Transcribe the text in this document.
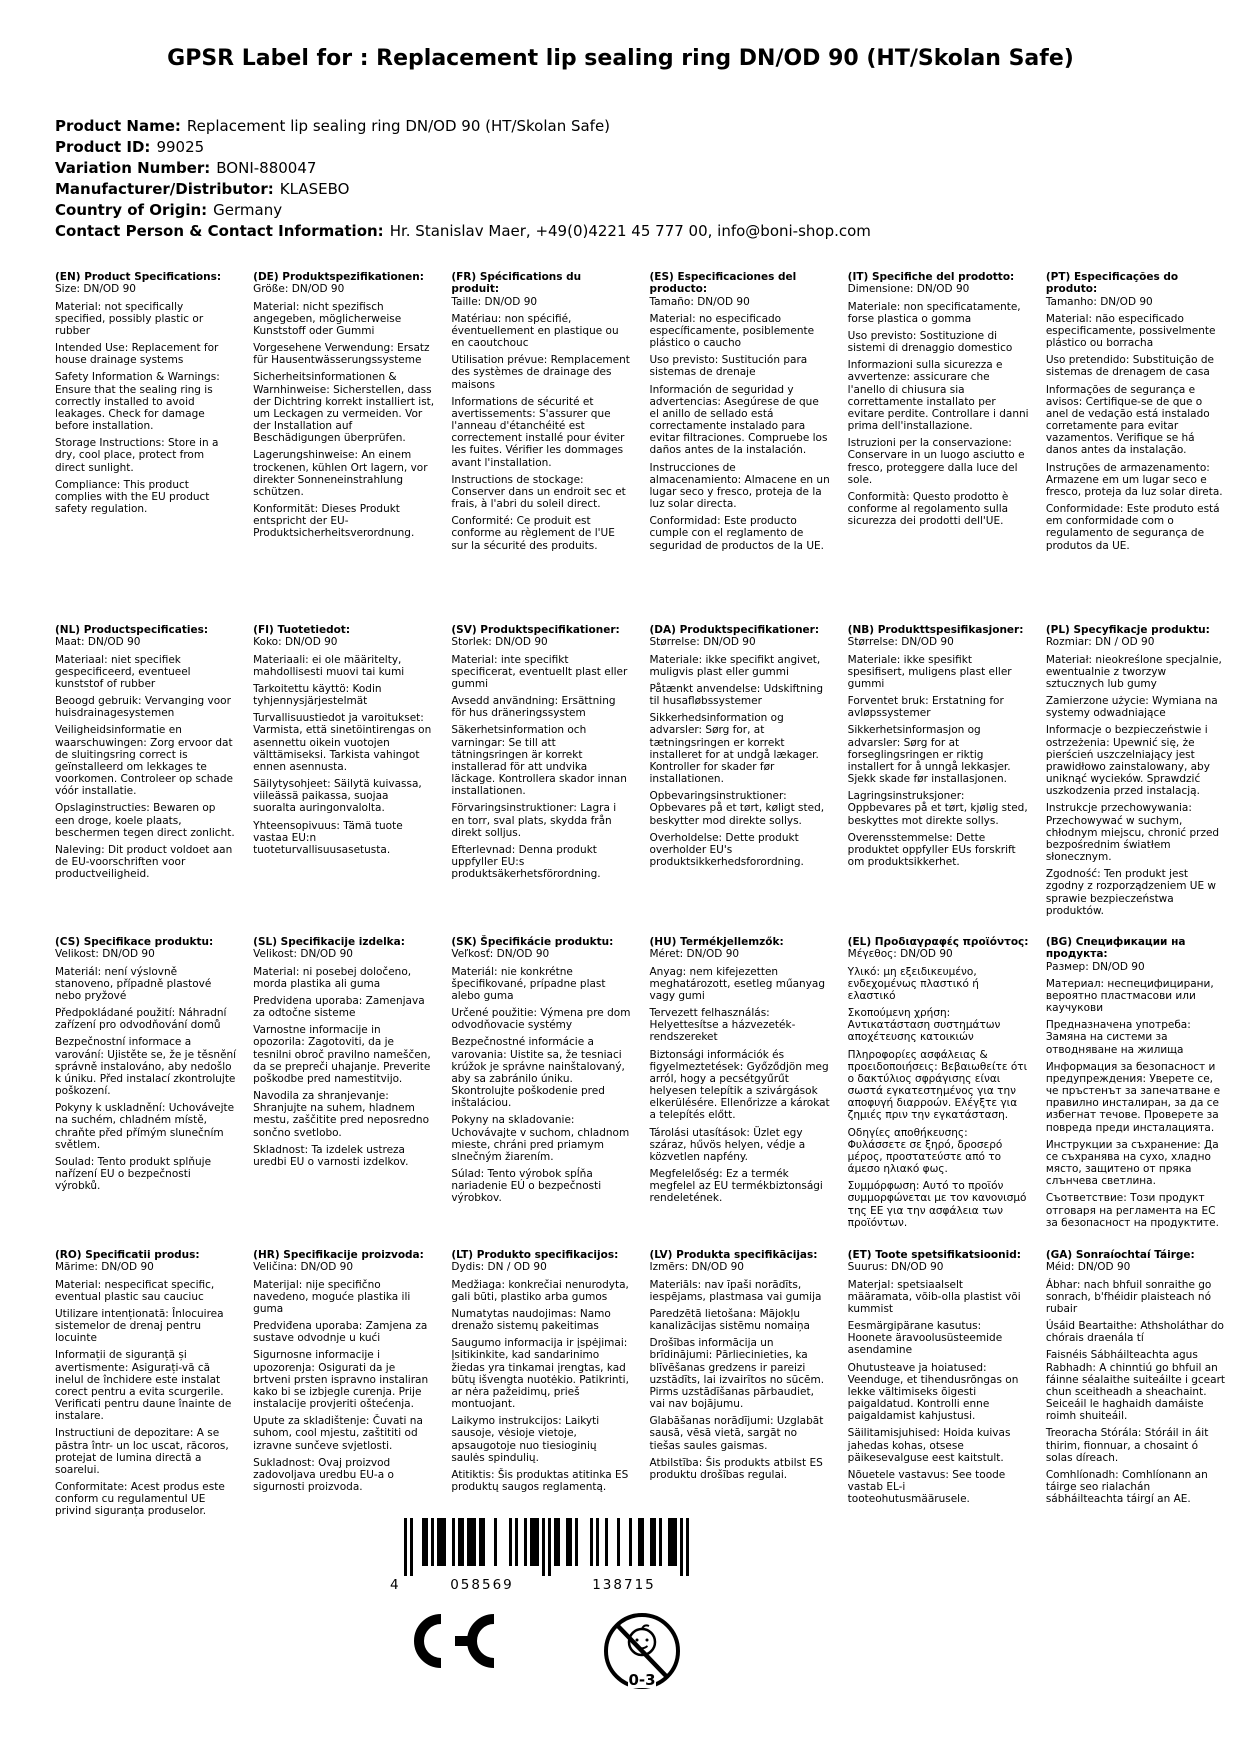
GPSR Label for : Replacement lip sealing ring DN/OD 90 (HT/Skolan Safe)
Product Name: Replacement lip sealing ring DN/OD 90 (HT/Skolan Safe)
Product ID: 99025
Variation Number: BONI-880047
Manufacturer/Distributor: KLASEBO
Country of Origin: Germany
Contact Person & Contact Information: Hr. Stanislav Maer, +49(0)4221 45 777 00, info@boni-shop.com
(EN) Product Specifications:

Size: DN/OD 90

Material: not specifically specified, possibly plastic or rubber

Intended Use: Replacement for house drainage systems

Safety Information & Warnings: Ensure that the sealing ring is correctly installed to avoid leakages. Check for damage before installation.

Storage Instructions: Store in a dry, cool place, protect from direct sunlight.

Compliance: This product complies with the EU product safety regulation.

(DE) Produktspezifikationen:

Größe: DN/OD 90

Material: nicht spezifisch angegeben, möglicherweise Kunststoff oder Gummi

Vorgesehene Verwendung: Ersatz für Hausentwässerungssysteme

Sicherheitsinformationen & Warnhinweise: Sicherstellen, dass der Dichtring korrekt installiert ist, um Leckagen zu vermeiden. Vor der Installation auf Beschädigungen überprüfen.

Lagerungshinweise: An einem trockenen, kühlen Ort lagern, vor direkter Sonneneinstrahlung schützen.

Konformität: Dieses Produkt entspricht der EU-Produktsicherheitsverordnung.

(FR) Spécifications du produit:

Taille: DN/OD 90

Matériau: non spécifié, éventuellement en plastique ou en caoutchouc

Utilisation prévue: Remplacement des systèmes de drainage des maisons

Informations de sécurité et avertissements: S'assurer que l'anneau d'étanchéité est correctement installé pour éviter les fuites. Vérifier les dommages avant l'installation.

Instructions de stockage: Conserver dans un endroit sec et frais, à l'abri du soleil direct.

Conformité: Ce produit est conforme au règlement de l'UE sur la sécurité des produits.

(ES) Especificaciones del producto:

Tamaño: DN/OD 90

Material: no especificado específicamente, posiblemente plástico o caucho

Uso previsto: Sustitución para sistemas de drenaje

Información de seguridad y advertencias: Asegúrese de que el anillo de sellado está correctamente instalado para evitar filtraciones. Compruebe los daños antes de la instalación.

Instrucciones de almacenamiento: Almacene en un lugar seco y fresco, proteja de la luz solar directa.

Conformidad: Este producto cumple con el reglamento de seguridad de productos de la UE.

(IT) Specifiche del prodotto:

Dimensione: DN/OD 90

Materiale: non specificatamente, forse plastica o gomma

Uso previsto: Sostituzione di sistemi di drenaggio domestico

Informazioni sulla sicurezza e avvertenze: assicurare che l'anello di chiusura sia correttamente installato per evitare perdite. Controllare i danni prima dell'installazione.

Istruzioni per la conservazione: Conservare in un luogo asciutto e fresco, proteggere dalla luce del sole.

Conformità: Questo prodotto è conforme al regolamento sulla sicurezza dei prodotti dell'UE.

(PT) Especificações do produto:

Tamanho: DN/OD 90

Material: não especificado especificamente, possivelmente plástico ou borracha

Uso pretendido: Substituição de sistemas de drenagem de casa

Informações de segurança e avisos: Certifique-se de que o anel de vedação está instalado corretamente para evitar vazamentos. Verifique se há danos antes da instalação.

Instruções de armazenamento: Armazene em um lugar seco e fresco, proteja da luz solar direta.

Conformidade: Este produto está em conformidade com o regulamento de segurança de produtos da UE.

(NL) Productspecificaties:

Maat: DN/OD 90

Materiaal: niet specifiek gespecificeerd, eventueel kunststof of rubber

Beoogd gebruik: Vervanging voor huisdrainagesystemen

Veiligheidsinformatie en waarschuwingen: Zorg ervoor dat de sluitingsring correct is geïnstalleerd om lekkages te voorkomen. Controleer op schade vóór installatie.

Opslaginstructies: Bewaren op een droge, koele plaats, beschermen tegen direct zonlicht.

Naleving: Dit product voldoet aan de EU-voorschriften voor productveiligheid.

(FI) Tuotetiedot:

Koko: DN/OD 90

Materiaali: ei ole määritelty, mahdollisesti muovi tai kumi

Tarkoitettu käyttö: Kodin tyhjennysjärjestelmät

Turvallisuustiedot ja varoitukset: Varmista, että sinetöintirengas on asennettu oikein vuotojen välttämiseksi. Tarkista vahingot ennen asennusta.

Säilytysohjeet: Säilytä kuivassa, viileässä paikassa, suojaa suoralta auringonvalolta.

Yhteensopivuus: Tämä tuote vastaa EU:n tuoteturvallisuusasetusta.

(SV) Produktspecifikationer:

Storlek: DN/OD 90

Material: inte specifikt specificerat, eventuellt plast eller gummi

Avsedd användning: Ersättning för hus dräneringssystem

Säkerhetsinformation och varningar: Se till att tätningsringen är korrekt installerad för att undvika läckage. Kontrollera skador innan installationen.

Förvaringsinstruktioner: Lagra i en torr, sval plats, skydda från direkt solljus.

Efterlevnad: Denna produkt uppfyller EU:s produktsäkerhetsförordning.

(DA) Produktspecifikationer:

Størrelse: DN/OD 90

Materiale: ikke specifikt angivet, muligvis plast eller gummi

Påtænkt anvendelse: Udskiftning til husafløbssystemer

Sikkerhedsinformation og advarsler: Sørg for, at tætningsringen er korrekt installeret for at undgå lækager. Kontroller for skader før installationen.

Opbevaringsinstruktioner: Opbevares på et tørt, køligt sted, beskytter mod direkte sollys.

Overholdelse: Dette produkt overholder EU's produktsikkerhedsforordning.

(NB) Produkttspesifikasjoner:

Størrelse: DN/OD 90

Materiale: ikke spesifikt spesifisert, muligens plast eller gummi

Forventet bruk: Erstatning for avløpssystemer

Sikkerhetsinformasjon og advarsler: Sørg for at forseglingsringen er riktig installert for å unngå lekkasjer. Sjekk skade før installasjonen.

Lagringsinstruksjoner: Oppbevares på et tørt, kjølig sted, beskyttes mot direkte sollys.

Overensstemmelse: Dette produktet oppfyller EUs forskrift om produktsikkerhet.

(PL) Specyfikacje produktu:

Rozmiar: DN / OD 90

Materiał: nieokreślone specjalnie, ewentualnie z tworzyw sztucznych lub gumy

Zamierzone użycie: Wymiana na systemy odwadniające

Informacje o bezpieczeństwie i ostrzeżenia: Upewnić się, że pierścień uszczelniający jest prawidłowo zainstalowany, aby uniknąć wycieków. Sprawdzić uszkodzenia przed instalacją.

Instrukcje przechowywania: Przechowywać w suchym, chłodnym miejscu, chronić przed bezpośrednim światłem słonecznym.

Zgodność: Ten produkt jest zgodny z rozporządzeniem UE w sprawie bezpieczeństwa produktów.

(CS) Specifikace produktu:

Velikost: DN/OD 90

Materiál: není výslovně stanoveno, případně plastové nebo pryžové

Předpokládané použití: Náhradní zařízení pro odvodňování domů

Bezpečnostní informace a varování: Ujistěte se, že je těsnění správně instalováno, aby nedošlo k úniku. Před instalací zkontrolujte poškození.

Pokyny k uskladnění: Uchovávejte na suchém, chladném místě, chraňte před přímým slunečním světlem.

Soulad: Tento produkt splňuje nařízení EU o bezpečnosti výrobků.

(SL) Specifikacije izdelka:

Velikost: DN/OD 90

Material: ni posebej določeno, morda plastika ali guma

Predvidena uporaba: Zamenjava za odtočne sisteme

Varnostne informacije in opozorila: Zagotoviti, da je tesnilni obroč pravilno nameščen, da se prepreči uhajanje. Preverite poškodbe pred namestitvijo.

Navodila za shranjevanje: Shranjujte na suhem, hladnem mestu, zaščitite pred neposredno sončno svetlobo.

Skladnost: Ta izdelek ustreza uredbi EU o varnosti izdelkov.

(SK) Špecifikácie produktu:

Veľkosť: DN/OD 90

Materiál: nie konkrétne špecifikované, prípadne plast alebo guma

Určené použitie: Výmena pre dom odvodňovacie systémy

Bezpečnostné informácie a varovania: Uistite sa, že tesniaci krúžok je správne nainštalovaný, aby sa zabránilo úniku. Skontrolujte poškodenie pred inštaláciou.

Pokyny na skladovanie: Uchovávajte v suchom, chladnom mieste, chráni pred priamym slnečným žiarením.

Súlad: Tento výrobok spĺňa nariadenie EÚ o bezpečnosti výrobkov.

(HU) Termékjellemzők:

Méret: DN/OD 90

Anyag: nem kifejezetten meghatározott, esetleg műanyag vagy gumi

Tervezett felhasználás: Helyettesítse a házvezeték-rendszereket

Biztonsági információk és figyelmeztetések: Győződjön meg arról, hogy a pecsétgyűrűt helyesen telepítik a szivárgások elkerülésére. Ellenőrizze a károkat a telepítés előtt.

Tárolási utasítások: Üzlet egy száraz, hűvös helyen, védje a közvetlen napfény.

Megfelelőség: Ez a termék megfelel az EU termékbiztonsági rendeletének.

(EL) Προδιαγραφές προϊόντος:

Μέγεθος: DN/OD 90

Υλικό: μη εξειδικευμένο, ενδεχομένως πλαστικό ή ελαστικό

Σκοπούμενη χρήση: Αντικατάσταση συστημάτων αποχέτευσης κατοικιών

Πληροφορίες ασφάλειας & προειδοποιήσεις: Βεβαιωθείτε ότι ο δακτύλιος σφράγισης είναι σωστά εγκατεστημένος για την αποφυγή διαρροών. Ελέγξτε για ζημιές πριν την εγκατάσταση.

Οδηγίες αποθήκευσης: Φυλάσσετε σε ξηρό, δροσερό μέρος, προστατεύστε από το άμεσο ηλιακό φως.

Συμμόρφωση: Αυτό το προϊόν συμμορφώνεται με τον κανονισμό της ΕΕ για την ασφάλεια των προϊόντων.

(BG) Спецификации на продукта:

Размер: DN/OD 90

Материал: неспецифицирани, вероятно пластмасови или каучукови

Предназначена употреба: Замяна на системи за отводняване на жилища

Информация за безопасност и предупреждения: Уверете се, че пръстенът за запечатване е правилно инсталиран, за да се избегнат течове. Проверете за повреда преди инсталацията.

Инструкции за съхранение: Да се съхранява на сухо, хладно място, защитено от пряка слънчева светлина.

Съответствие: Този продукт отговаря на регламента на ЕС за безопасност на продуктите.

(RO) Specificatii produs:

Mărime: DN/OD 90

Material: nespecificat specific, eventual plastic sau cauciuc

Utilizare intenționată: Înlocuirea sistemelor de drenaj pentru locuinte

Informații de siguranță și avertismente: Asigurați-vă că inelul de închidere este instalat corect pentru a evita scurgerile. Verificati pentru daune înainte de instalare.

Instructiuni de depozitare: A se păstra într- un loc uscat, răcoros, protejat de lumina directă a soarelui.

Conformitate: Acest produs este conform cu regulamentul UE privind siguranța produselor.

(HR) Specifikacije proizvoda:

Veličina: DN/OD 90

Materijal: nije specifično navedeno, moguće plastika ili guma

Predviđena uporaba: Zamjena za sustave odvodnje u kući

Sigurnosne informacije i upozorenja: Osigurati da je brtveni prsten ispravno instaliran kako bi se izbjegle curenja. Prije instalacije provjeriti oštećenja.

Upute za skladištenje: Čuvati na suhom, cool mjestu, zaštititi od izravne sunčeve svjetlosti.

Sukladnost: Ovaj proizvod zadovoljava uredbu EU-a o sigurnosti proizvoda.

(LT) Produkto specifikacijos:

Dydis: DN / OD 90

Medžiaga: konkrečiai nenurodyta, gali būti, plastiko arba gumos

Numatytas naudojimas: Namo drenažo sistemų pakeitimas

Saugumo informacija ir įspėjimai: Įsitikinkite, kad sandarinimo žiedas yra tinkamai įrengtas, kad būtų išvengta nuotėkio. Patikrinti, ar nėra pažeidimų, prieš montuojant.

Laikymo instrukcijos: Laikyti sausoje, vėsioje vietoje, apsaugotoje nuo tiesioginių saulės spindulių.

Atitiktis: Šis produktas atitinka ES produktų saugos reglamentą.

(LV) Produkta specifikācijas:

Izmērs: DN/OD 90

Materiāls: nav īpaši norādīts, iespējams, plastmasa vai gumija

Paredzētā lietošana: Mājokļu kanalizācijas sistēmu nomaiņa

Drošības informācija un brīdinājumi: Pārliecinieties, ka blīvēšanas gredzens ir pareizi uzstādīts, lai izvairītos no sūcēm. Pirms uzstādīšanas pārbaudiet, vai nav bojājumu.

Glabāšanas norādījumi: Uzglabāt sausā, vēsā vietā, sargāt no tiešas saules gaismas.

Atbilstība: Šis produkts atbilst ES produktu drošības regulai.

(ET) Toote spetsifikatsioonid:

Suurus: DN/OD 90

Materjal: spetsiaalselt määramata, võib-olla plastist või kummist

Eesmärgipärane kasutus: Hoonete äravoolusüsteemide asendamine

Ohutusteave ja hoiatused: Veenduge, et tihendusrõngas on lekke vältimiseks õigesti paigaldatud. Kontrolli enne paigaldamist kahjustusi.

Säilitamisjuhised: Hoida kuivas jahedas kohas, otsese päikesevalguse eest kaitstult.

Nõuetele vastavus: See toode vastab EL-i tooteohutusmäärusele.

(GA) Sonraíochtaí Táirge:

Méid: DN/OD 90

Ábhar: nach bhfuil sonraithe go sonrach, b'fhéidir plaisteach nó rubair

Úsáid Beartaithe: Athsholáthar do chórais draenála tí

Faisnéis Sábháilteachta agus Rabhadh: A chinntiú go bhfuil an fáinne séalaithe suiteáilte i gceart chun sceitheadh a sheachaint. Seiceáil le haghaidh damáiste roimh shuiteáil.

Treoracha Stórála: Stóráil in áit thirim, fionnuar, a chosaint ó solas díreach.

Comhlíonadh: Comhlíonann an táirge seo rialachán sábháilteachta táirgí an AE.

4	058569	138715
0-3
